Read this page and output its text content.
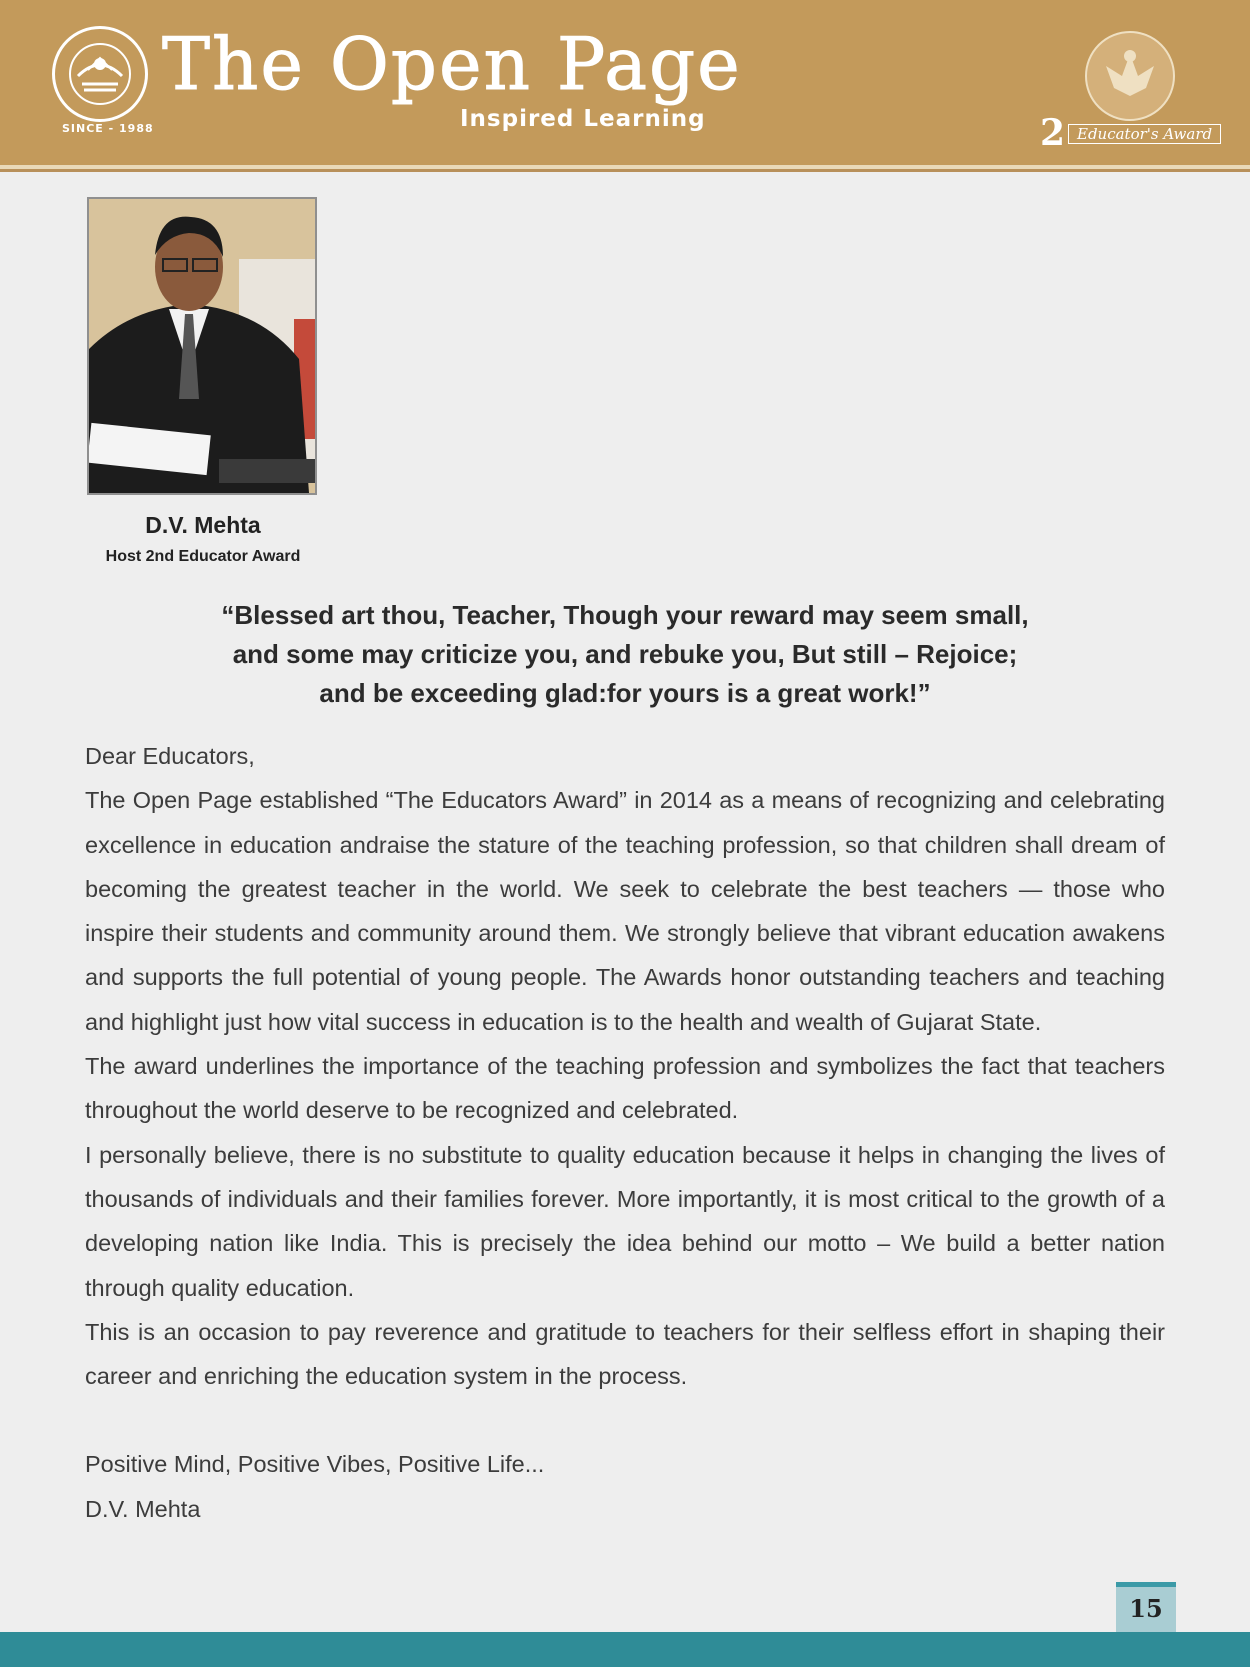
SINCE - 1988
The Open Page
Inspired Learning	2 Educator's Award
D.V. Mehta
Host 2nd Educator Award
“Blessed art thou, Teacher, Though your reward may seem small,
and some may criticize you, and rebuke you, But still – Rejoice;
and be exceeding glad:for yours is a great work!”

Dear Educators,

The Open Page established “The Educators Award” in 2014 as a means of recognizing and celebrating excellence in education andraise the stature of the teaching profession, so that children shall dream of becoming the greatest teacher in the world. We seek to celebrate the best teachers — those who inspire their students and community around them. We strongly believe that vibrant education awakens and supports the full potential of young people. The Awards honor outstanding teachers and teaching and highlight just how vital success in education is to the health and wealth of Gujarat State.

The award underlines the importance of the teaching profession and symbolizes the fact that teachers throughout the world deserve to be recognized and celebrated.

I personally believe, there is no substitute to quality education because it helps in changing the lives of thousands of individuals and their families forever. More importantly, it is most critical to the growth of a developing nation like India. This is precisely the idea behind our motto – We build a better nation through quality education.

This is an occasion to pay reverence and gratitude to teachers for their selfless effort in shaping their career and enriching the education system in the process.

Positive Mind, Positive Vibes, Positive Life...

D.V. Mehta

15
